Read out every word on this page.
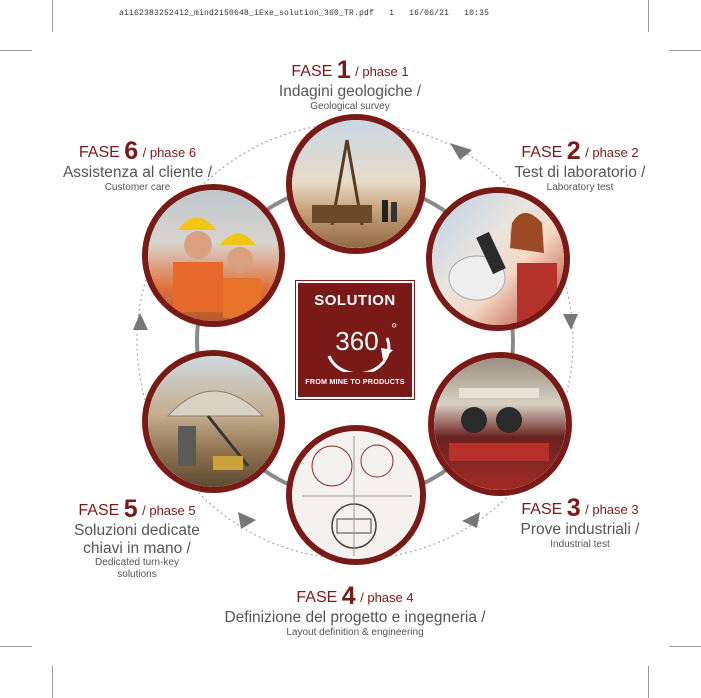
ai162383252412_mind2150648_iExe_solution_360_TR.pdf 1 16/06/21 10:35
SOLUTION
360 °
FROM MINE TO PRODUCTS
FASE 1 / phase 1
Indagini geologiche /
Geological survey
FASE 2 / phase 2
Test di laboratorio /
Laboratory test
FASE 3 / phase 3
Prove industriali /
Industrial test
FASE 4 / phase 4
Definizione del progetto e ingegneria /
Layout definition & engineering
FASE 5 / phase 5
Soluzioni dedicate
chiavi in mano /
Dedicated turn-key
solutions
FASE 6 / phase 6
Assistenza al cliente /
Customer care
